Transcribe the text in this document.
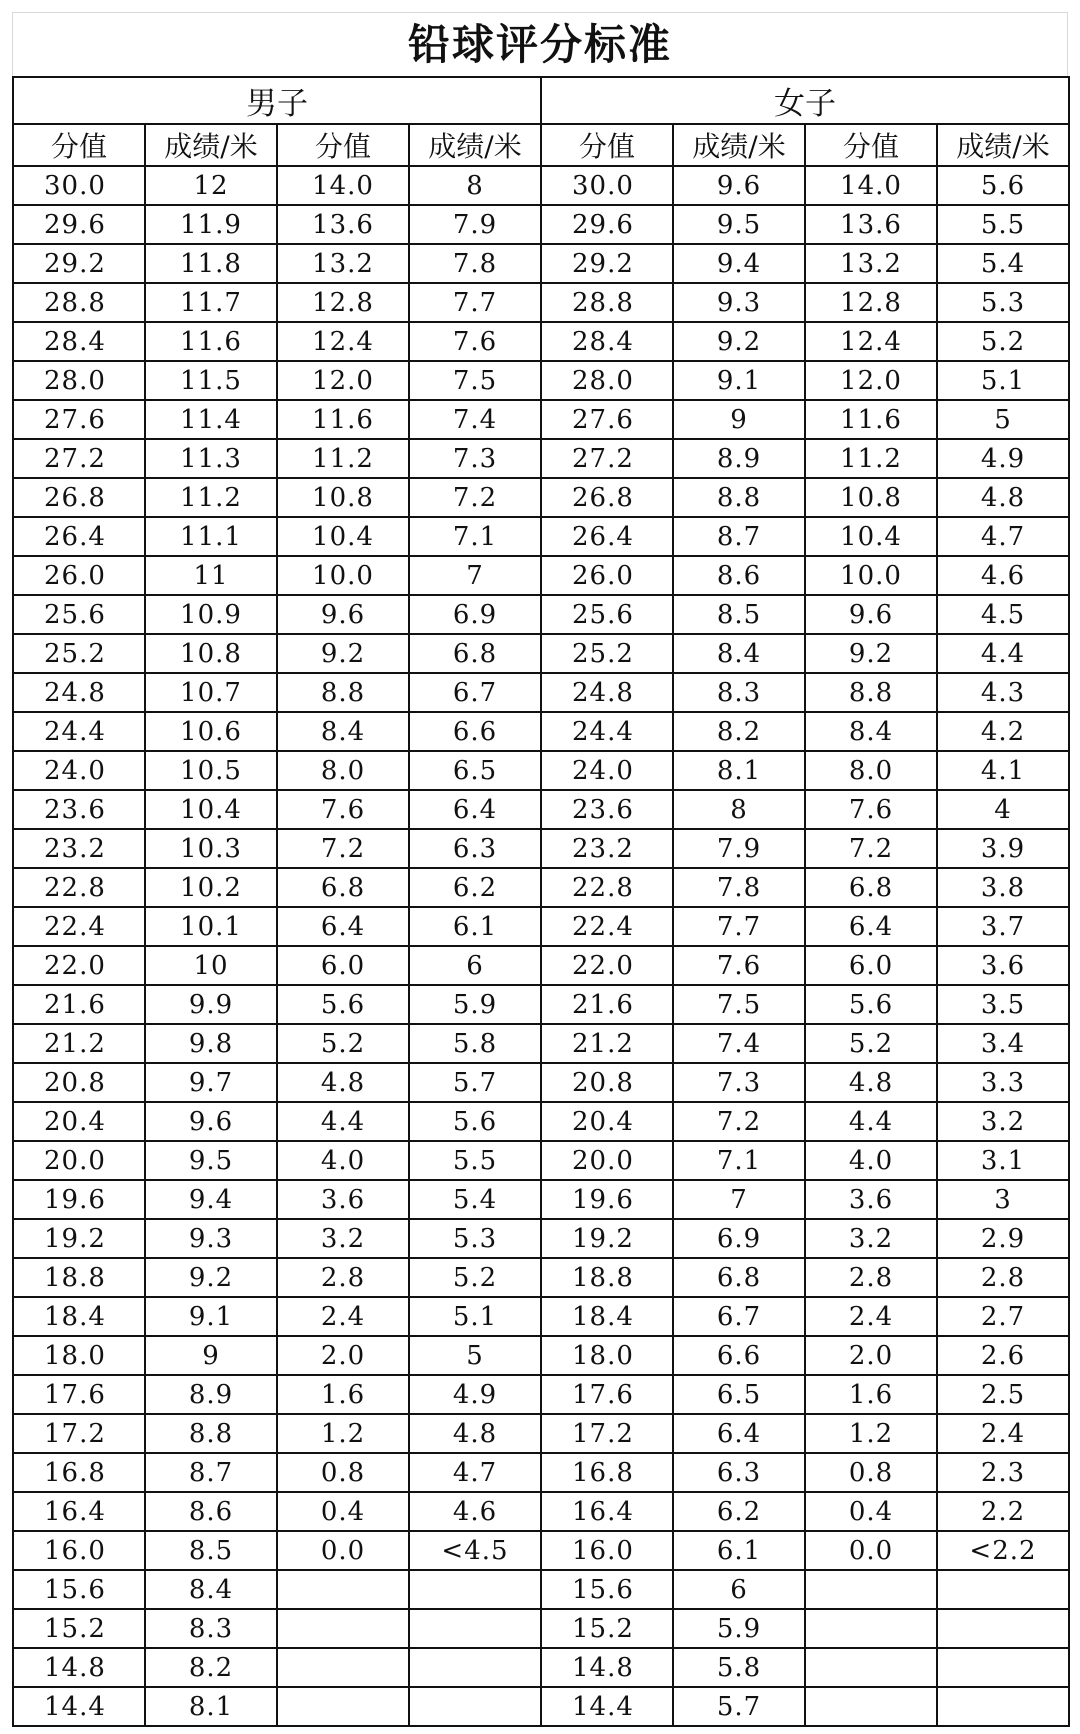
铅球评分标准
男子				女子			
分值	成绩/米	分值	成绩/米	分值	成绩/米	分值	成绩/米
30.0	12	14.0	8	30.0	9.6	14.0	5.6
29.6	11.9	13.6	7.9	29.6	9.5	13.6	5.5
29.2	11.8	13.2	7.8	29.2	9.4	13.2	5.4
28.8	11.7	12.8	7.7	28.8	9.3	12.8	5.3
28.4	11.6	12.4	7.6	28.4	9.2	12.4	5.2
28.0	11.5	12.0	7.5	28.0	9.1	12.0	5.1
27.6	11.4	11.6	7.4	27.6	9	11.6	5
27.2	11.3	11.2	7.3	27.2	8.9	11.2	4.9
26.8	11.2	10.8	7.2	26.8	8.8	10.8	4.8
26.4	11.1	10.4	7.1	26.4	8.7	10.4	4.7
26.0	11	10.0	7	26.0	8.6	10.0	4.6
25.6	10.9	9.6	6.9	25.6	8.5	9.6	4.5
25.2	10.8	9.2	6.8	25.2	8.4	9.2	4.4
24.8	10.7	8.8	6.7	24.8	8.3	8.8	4.3
24.4	10.6	8.4	6.6	24.4	8.2	8.4	4.2
24.0	10.5	8.0	6.5	24.0	8.1	8.0	4.1
23.6	10.4	7.6	6.4	23.6	8	7.6	4
23.2	10.3	7.2	6.3	23.2	7.9	7.2	3.9
22.8	10.2	6.8	6.2	22.8	7.8	6.8	3.8
22.4	10.1	6.4	6.1	22.4	7.7	6.4	3.7
22.0	10	6.0	6	22.0	7.6	6.0	3.6
21.6	9.9	5.6	5.9	21.6	7.5	5.6	3.5
21.2	9.8	5.2	5.8	21.2	7.4	5.2	3.4
20.8	9.7	4.8	5.7	20.8	7.3	4.8	3.3
20.4	9.6	4.4	5.6	20.4	7.2	4.4	3.2
20.0	9.5	4.0	5.5	20.0	7.1	4.0	3.1
19.6	9.4	3.6	5.4	19.6	7	3.6	3
19.2	9.3	3.2	5.3	19.2	6.9	3.2	2.9
18.8	9.2	2.8	5.2	18.8	6.8	2.8	2.8
18.4	9.1	2.4	5.1	18.4	6.7	2.4	2.7
18.0	9	2.0	5	18.0	6.6	2.0	2.6
17.6	8.9	1.6	4.9	17.6	6.5	1.6	2.5
17.2	8.8	1.2	4.8	17.2	6.4	1.2	2.4
16.8	8.7	0.8	4.7	16.8	6.3	0.8	2.3
16.4	8.6	0.4	4.6	16.4	6.2	0.4	2.2
16.0	8.5	0.0	<4.5	16.0	6.1	0.0	<2.2
15.6	8.4			15.6	6		
15.2	8.3			15.2	5.9		
14.8	8.2			14.8	5.8		
14.4	8.1			14.4	5.7		
